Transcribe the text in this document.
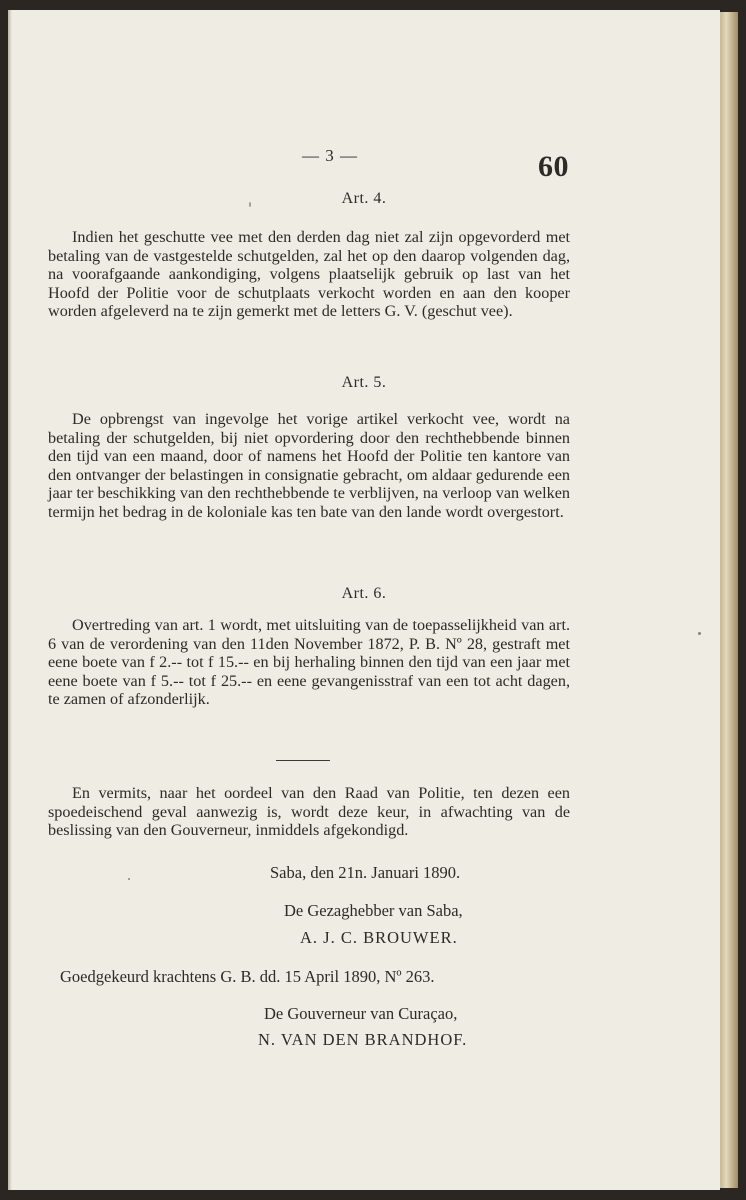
— 3 —	60
Art. 4.

Indien het geschutte vee met den derden dag niet zal zijn opgevorderd met betaling van de vastgestelde schutgelden, zal het op den daarop volgenden dag, na voorafgaande aankondiging, volgens plaatselijk gebruik op last van het Hoofd der Politie voor de schutplaats verkocht worden en aan den kooper worden afgeleverd na te zijn gemerkt met de letters G. V. (geschut vee).

Art. 5.

De opbrengst van ingevolge het vorige artikel verkocht vee, wordt na betaling der schutgelden, bij niet opvordering door den rechthebbende binnen den tijd van een maand, door of namens het Hoofd der Politie ten kantore van den ontvanger der belastingen in consignatie gebracht, om aldaar gedurende een jaar ter beschikking van den rechthebbende te verblijven, na verloop van welken termijn het bedrag in de koloniale kas ten bate van den lande wordt overgestort.

Art. 6.

Overtreding van art. 1 wordt, met uitsluiting van de toepasselijkheid van art. 6 van de verordening van den 11den November 1872, P. B. Nº 28, gestraft met eene boete van f 2.-- tot f 15.-- en bij herhaling binnen den tijd van een jaar met eene boete van f 5.-- tot f 25.-- en eene gevangenisstraf van een tot acht dagen, te zamen of afzonderlijk.

En vermits, naar het oordeel van den Raad van Politie, ten dezen een spoedeischend geval aanwezig is, wordt deze keur, in afwachting van de beslissing van den Gouverneur, inmiddels afgekondigd.

Saba, den 21n. Januari 1890.
De Gezaghebber van Saba,
A. J. C. BROUWER.
Goedgekeurd krachtens G. B. dd. 15 April 1890, Nº 263.
De Gouverneur van Curaçao,
N. VAN DEN BRANDHOF.
